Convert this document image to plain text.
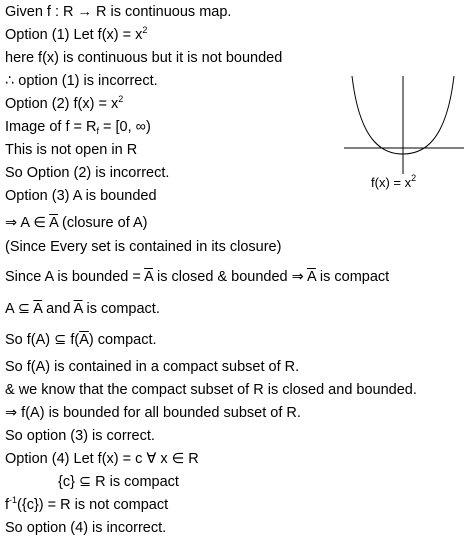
Given f : R → R is continuous map.
Option (1) Let $f(x) = x^2$
here f(x) is continuous but it is not bounded
∴ option (1) is incorrect.
Option (2) $f(x) = x^2$
Image of $f = R_f = [0$, ∞)
This is not open in R
So Option (2) is incorrect.
Option (3) A is bounded
⇒ A ∈ $\overline{A}$ (closure of A)
(Since Every set is contained in its closure)
Since A is bounded = $\overline{A}$ is closed & bounded ⇒ $\overline{A}$ is compact
A ⊆ $\overline{A}$ and $\overline{A}$ is compact.
So f(A) ⊆ $f(\overline{A})$ compact.
So f(A) is contained in a compact subset of R.
& we know that the compact subset of R is closed and bounded.
⇒ f(A) is bounded for all bounded subset of R.
So option (3) is correct.
Option (4) Let f(x) = c ∀ x ∈ R
{c} ⊆ R is compact
$f^{-1}(\{c\}) = R$ is not compact
So option (4) is incorrect.
$f(x) = x^2$
